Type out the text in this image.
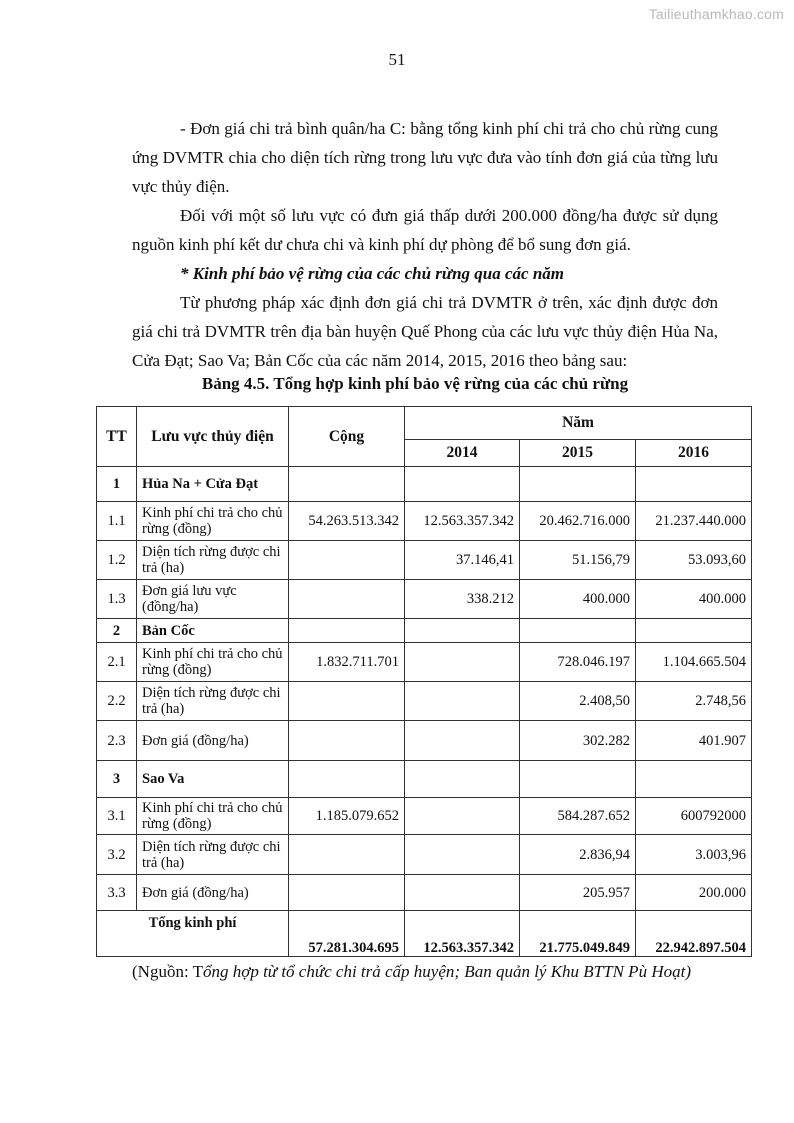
Tailieuthamkhao.com
51

- Đơn giá chi trả bình quân/ha C: bằng tổng kinh phí chi trả cho chủ rừng cung ứng DVMTR chia cho diện tích rừng trong lưu vực đưa vào tính đơn giá của từng lưu vực thủy điện.

Đối với một số lưu vực có đưn giá thấp dưới 200.000 đồng/ha được sử dụng nguồn kinh phí kết dư chưa chi và kinh phí dự phòng để bổ sung đơn giá.

* Kinh phí bảo vệ rừng của các chủ rừng qua các năm

Từ phương pháp xác định đơn giá chi trả DVMTR ở trên, xác định được đơn giá chi trả DVMTR trên địa bàn huyện Quế Phong của các lưu vực thủy điện Hủa Na, Cửa Đạt; Sao Va; Bản Cốc của các năm 2014, 2015, 2016 theo bảng sau:

Bảng 4.5. Tổng hợp kinh phí bảo vệ rừng của các chủ rừng
TT	Lưu vực thủy điện	Cộng	Năm		
			2014	2015	2016
1	Hủa Na + Cửa Đạt				
1.1	Kinh phí chi trả cho chủ rừng (đồng)	54.263.513.342	12.563.357.342	20.462.716.000	21.237.440.000
1.2	Diện tích rừng được chi trả (ha)		37.146,41	51.156,79	53.093,60
1.3	Đơn giá lưu vực (đồng/ha)		338.212	400.000	400.000
2	Bản Cốc				
2.1	Kinh phí chi trả cho chủ rừng (đồng)	1.832.711.701		728.046.197	1.104.665.504
2.2	Diện tích rừng được chi trả (ha)			2.408,50	2.748,56
2.3	Đơn giá (đồng/ha)			302.282	401.907
3	Sao Va				
3.1	Kinh phí chi trả cho chủ rừng (đồng)	1.185.079.652		584.287.652	600792000
3.2	Diện tích rừng được chi trả (ha)			2.836,94	3.003,96
3.3	Đơn giá (đồng/ha)			205.957	200.000
Tổng kinh phí		57.281.304.695	12.563.357.342	21.775.049.849	22.942.897.504
(Nguồn: Tổng hợp từ tổ chức chi trả cấp huyện; Ban quản lý Khu BTTN Pù Hoạt)
